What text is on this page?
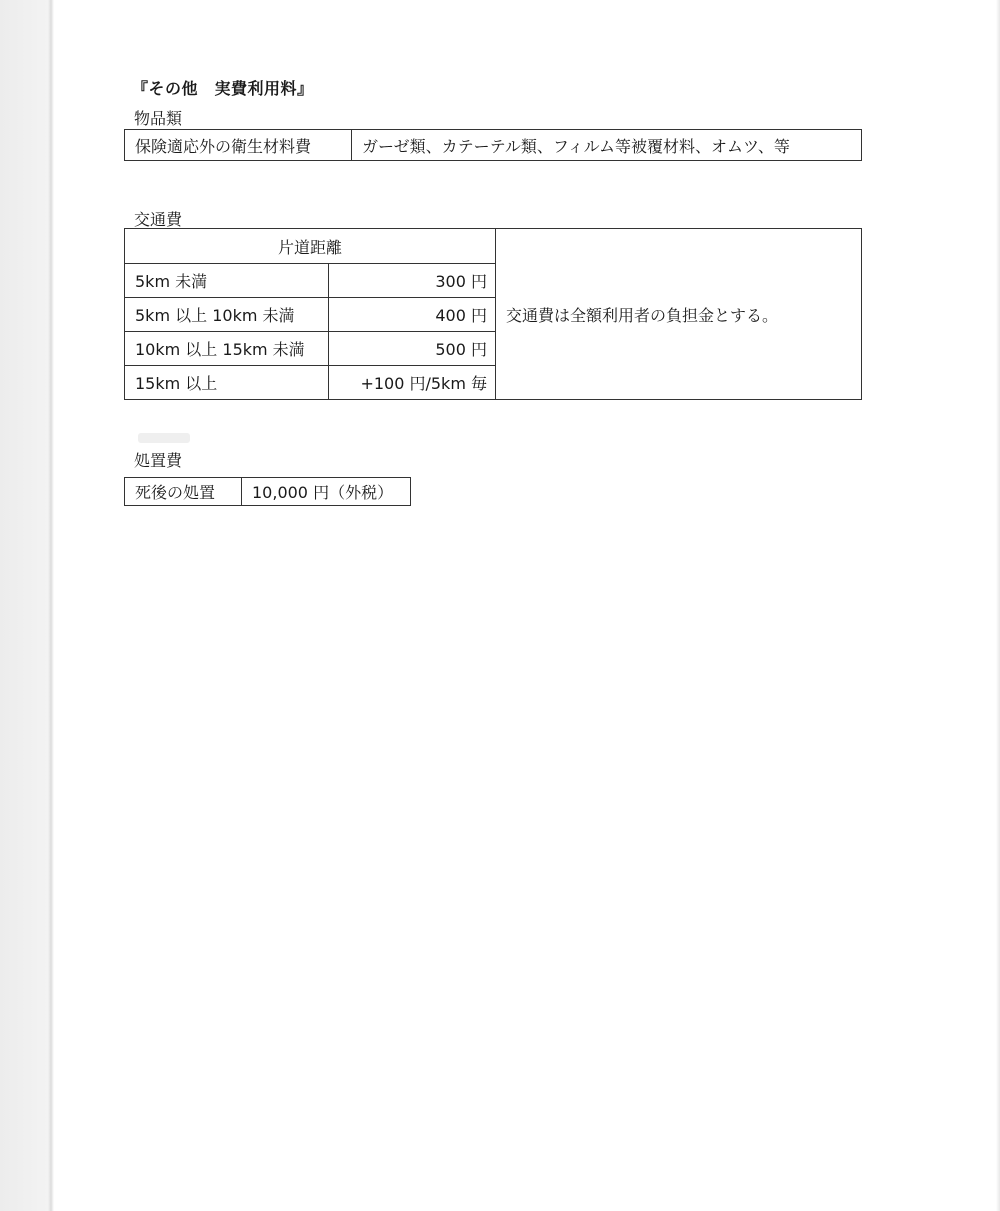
『その他　実費利用料』
物品類
保険適応外の衛生材料費	ガーゼ類、カテーテル類、フィルム等被覆材料、オムツ、等
交通費
片道距離		交通費は全額利用者の負担金とする。
5km 未満	300 円	
5km 以上 10km 未満	400 円	
10km 以上 15km 未満	500 円	
15km 以上	+100 円/5km 毎	
処置費
死後の処置	10,000 円（外税）
